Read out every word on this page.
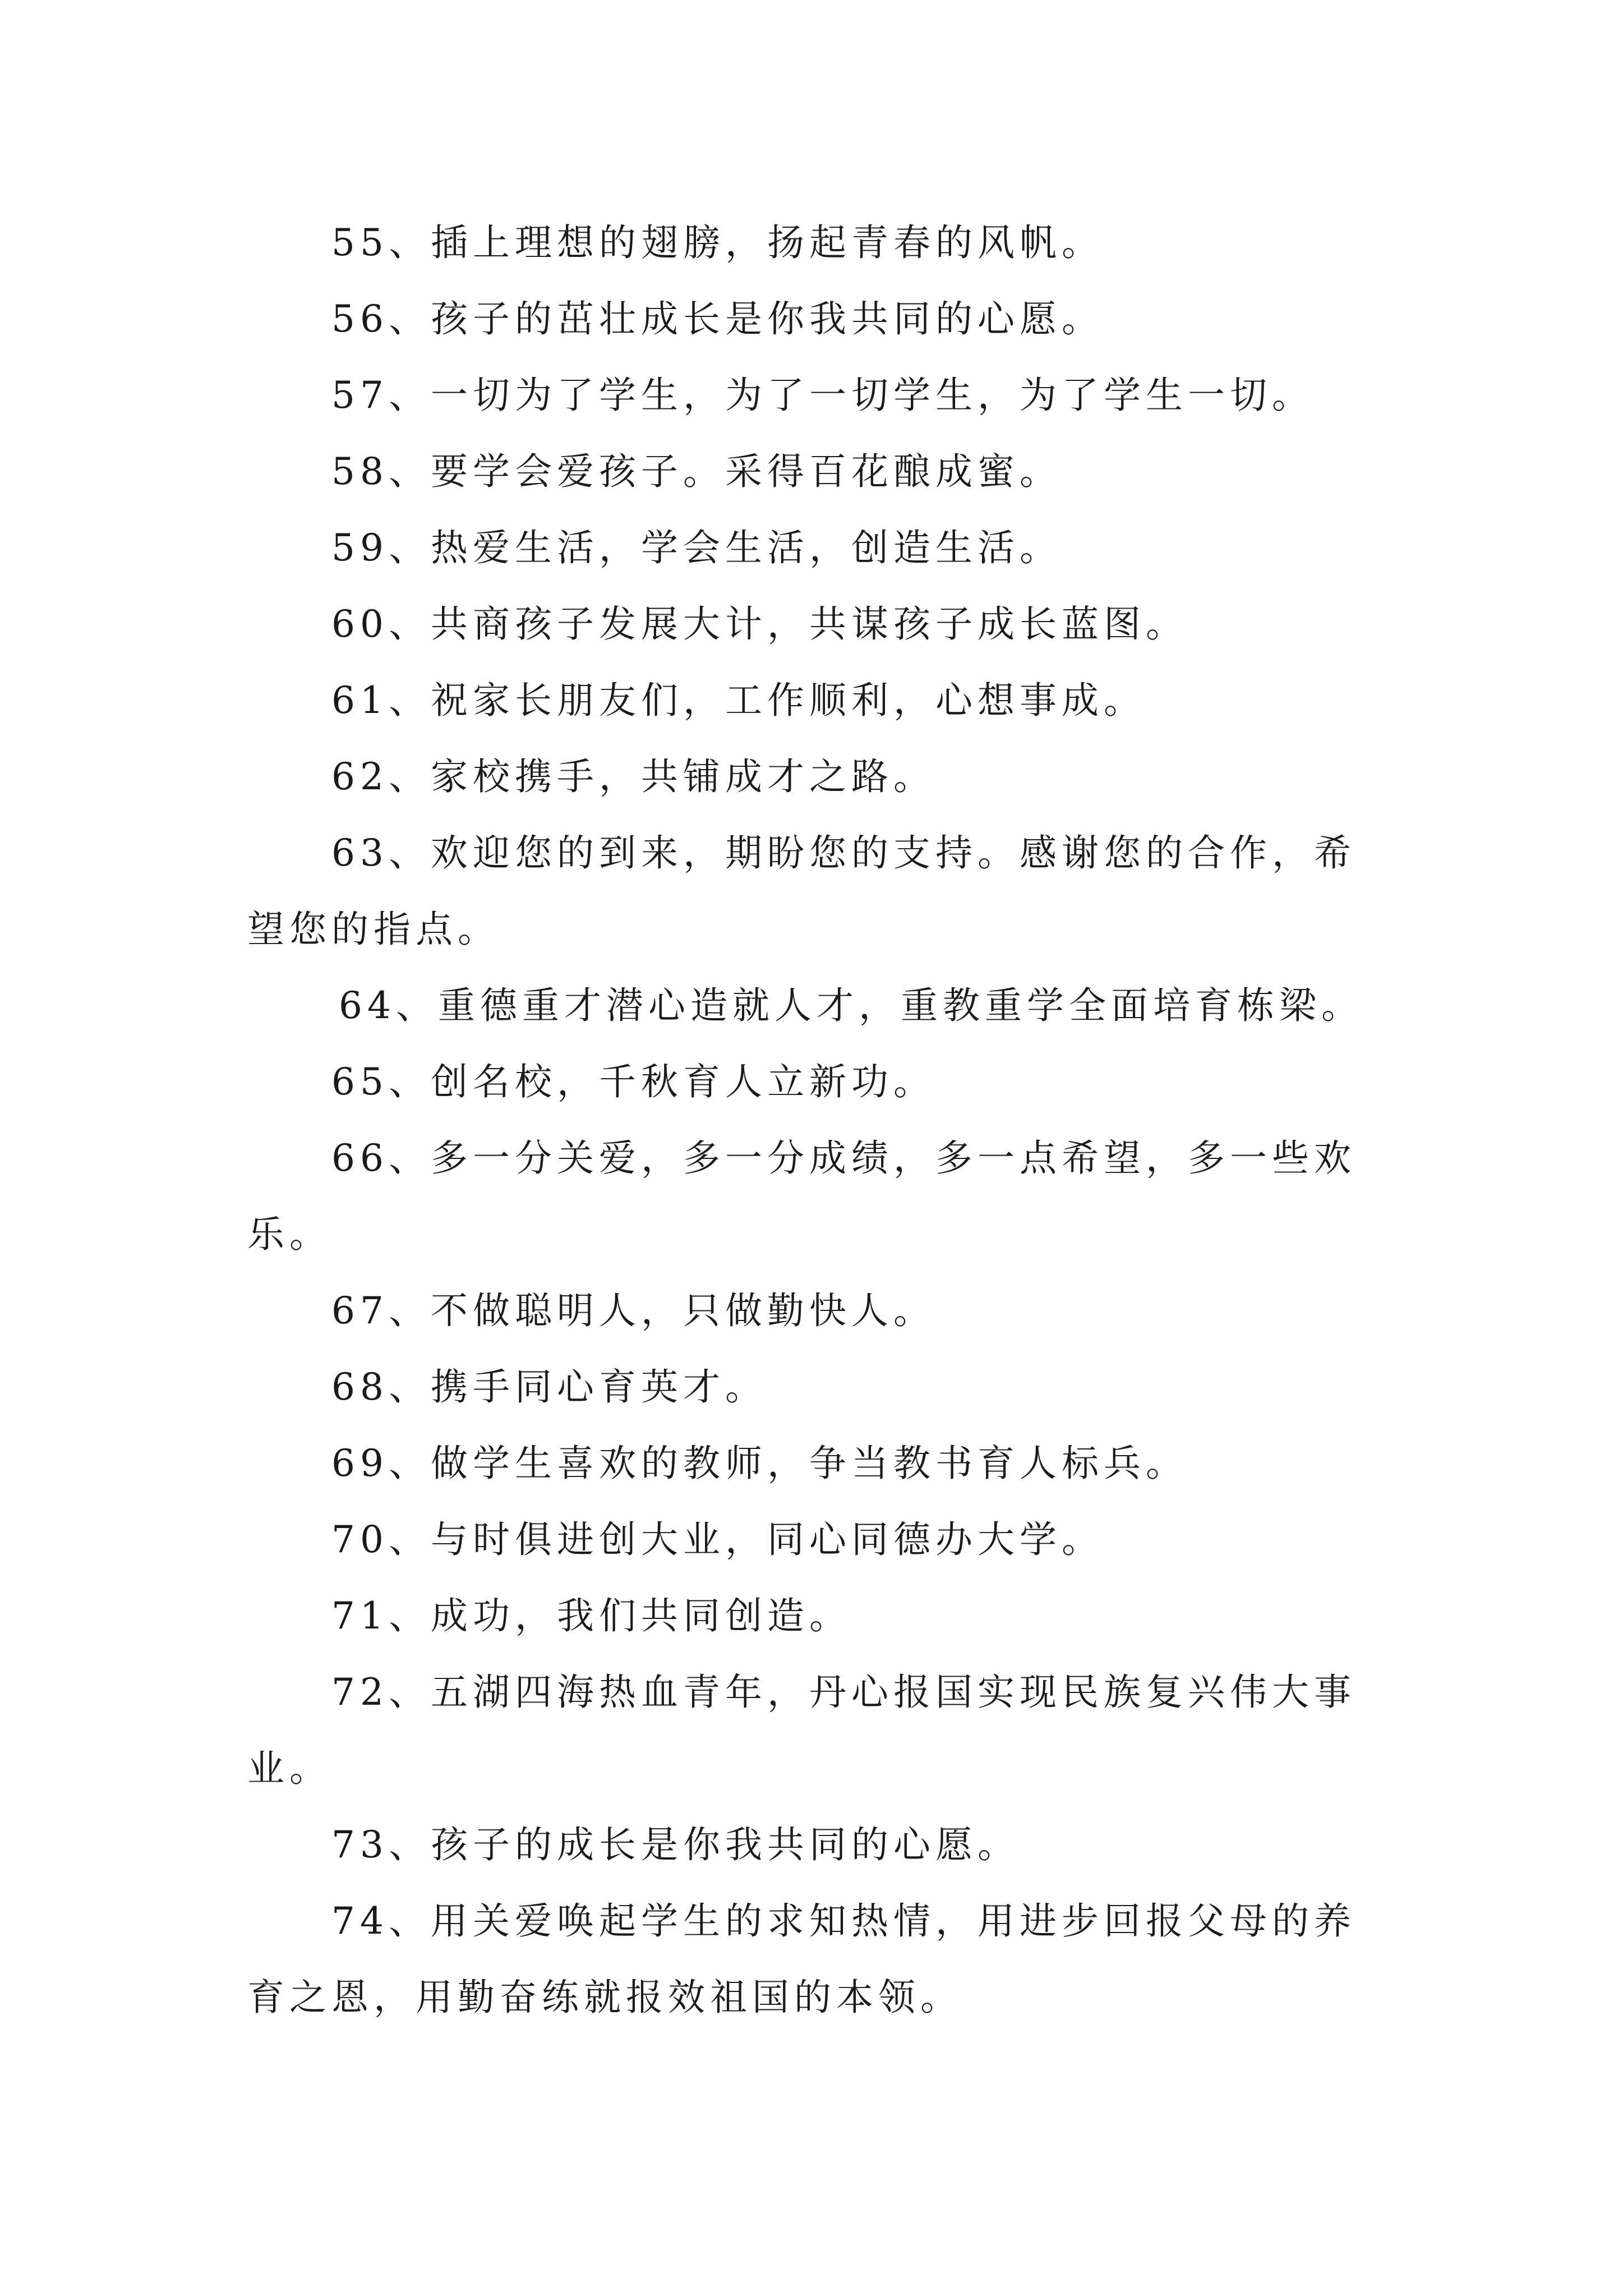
55、插上理想的翅膀，扬起青春的风帆。

56、孩子的茁壮成长是你我共同的心愿。

57、一切为了学生，为了一切学生，为了学生一切。

58、要学会爱孩子。采得百花酿成蜜。

59、热爱生活，学会生活，创造生活。

60、共商孩子发展大计，共谋孩子成长蓝图。

61、祝家长朋友们，工作顺利，心想事成。

62、家校携手，共铺成才之路。

63、欢迎您的到来，期盼您的支持。感谢您的合作，希望您的指点。

64、重德重才潜心造就人才，重教重学全面培育栋梁。

65、创名校，千秋育人立新功。

66、多一分关爱，多一分成绩，多一点希望，多一些欢乐。

67、不做聪明人，只做勤快人。

68、携手同心育英才。

69、做学生喜欢的教师，争当教书育人标兵。

70、与时俱进创大业，同心同德办大学。

71、成功，我们共同创造。

72、五湖四海热血青年，丹心报国实现民族复兴伟大事业。

73、孩子的成长是你我共同的心愿。

74、用关爱唤起学生的求知热情，用进步回报父母的养育之恩，用勤奋练就报效祖国的本领。
